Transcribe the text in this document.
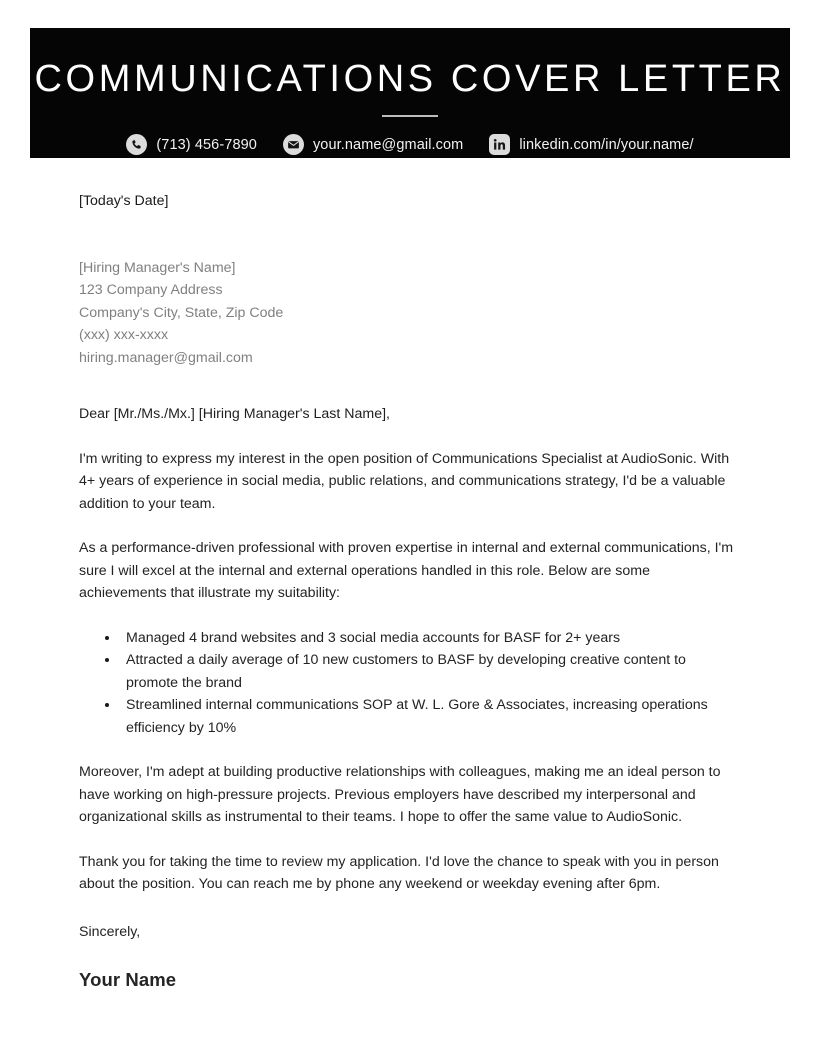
COMMUNICATIONS COVER LETTER
(713) 456-7890	your.name@gmail.com	linkedin.com/in/your.name/
[Today's Date]
[Hiring Manager's Name]
123 Company Address
Company's City, State, Zip Code
(xxx) xxx-xxxx
hiring.manager@gmail.com
Dear [Mr./Ms./Mx.] [Hiring Manager's Last Name],
I'm writing to express my interest in the open position of Communications Specialist at AudioSonic. With 4+ years of experience in social media, public relations, and communications strategy, I'd be a valuable addition to your team.
As a performance-driven professional with proven expertise in internal and external communications, I'm sure I will excel at the internal and external operations handled in this role. Below are some achievements that illustrate my suitability:
Managed 4 brand websites and 3 social media accounts for BASF for 2+ years
Attracted a daily average of 10 new customers to BASF by developing creative content to promote the brand
Streamlined internal communications SOP at W. L. Gore & Associates, increasing operations efficiency by 10%
Moreover, I'm adept at building productive relationships with colleagues, making me an ideal person to have working on high-pressure projects. Previous employers have described my interpersonal and organizational skills as instrumental to their teams. I hope to offer the same value to AudioSonic.
Thank you for taking the time to review my application. I'd love the chance to speak with you in person about the position. You can reach me by phone any weekend or weekday evening after 6pm.
Sincerely,
Your Name
